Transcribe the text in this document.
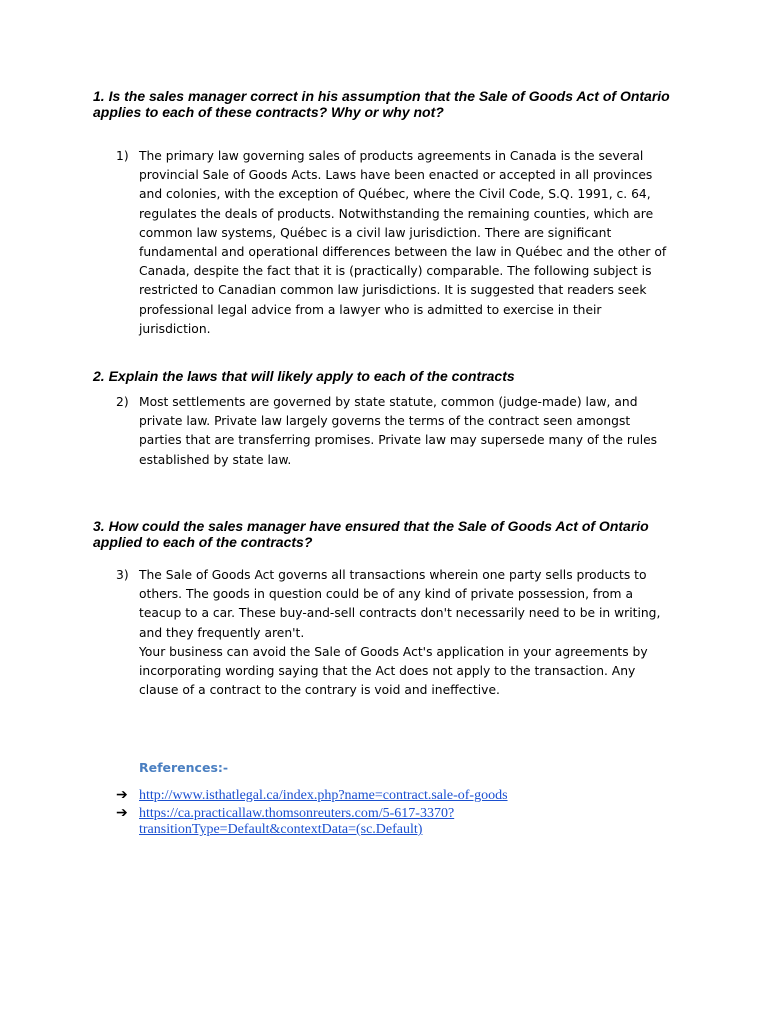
1. Is the sales manager correct in his assumption that the Sale of Goods Act of Ontario applies to each of these contracts? Why or why not?
1) The primary law governing sales of products agreements in Canada is the several provincial Sale of Goods Acts. Laws have been enacted or accepted in all provinces and colonies, with the exception of Québec, where the Civil Code, S.Q. 1991, c. 64, regulates the deals of products. Notwithstanding the remaining counties, which are common law systems, Québec is a civil law jurisdiction. There are significant fundamental and operational differences between the law in Québec and the other of Canada, despite the fact that it is (practically) comparable. The following subject is restricted to Canadian common law jurisdictions. It is suggested that readers seek professional legal advice from a lawyer who is admitted to exercise in their jurisdiction.

2. Explain the laws that will likely apply to each of the contracts
2) Most settlements are governed by state statute, common (judge-made) law, and private law. Private law largely governs the terms of the contract seen amongst parties that are transferring promises. Private law may supersede many of the rules established by state law.

3. How could the sales manager have ensured that the Sale of Goods Act of Ontario applied to each of the contracts?
3) The Sale of Goods Act governs all transactions wherein one party sells products to others. The goods in question could be of any kind of private possession, from a teacup to a car. These buy-and-sell contracts don't necessarily need to be in writing, and they frequently aren't.

Your business can avoid the Sale of Goods Act's application in your agreements by incorporating wording saying that the Act does not apply to the transaction. Any clause of a contract to the contrary is void and ineffective.

References:-
➔ http://www.isthatlegal.ca/index.php?name=contract.sale-of-goods
➔ https://ca.practicallaw.thomsonreuters.com/5-617-3370?
transitionType=Default&contextData=(sc.Default)
